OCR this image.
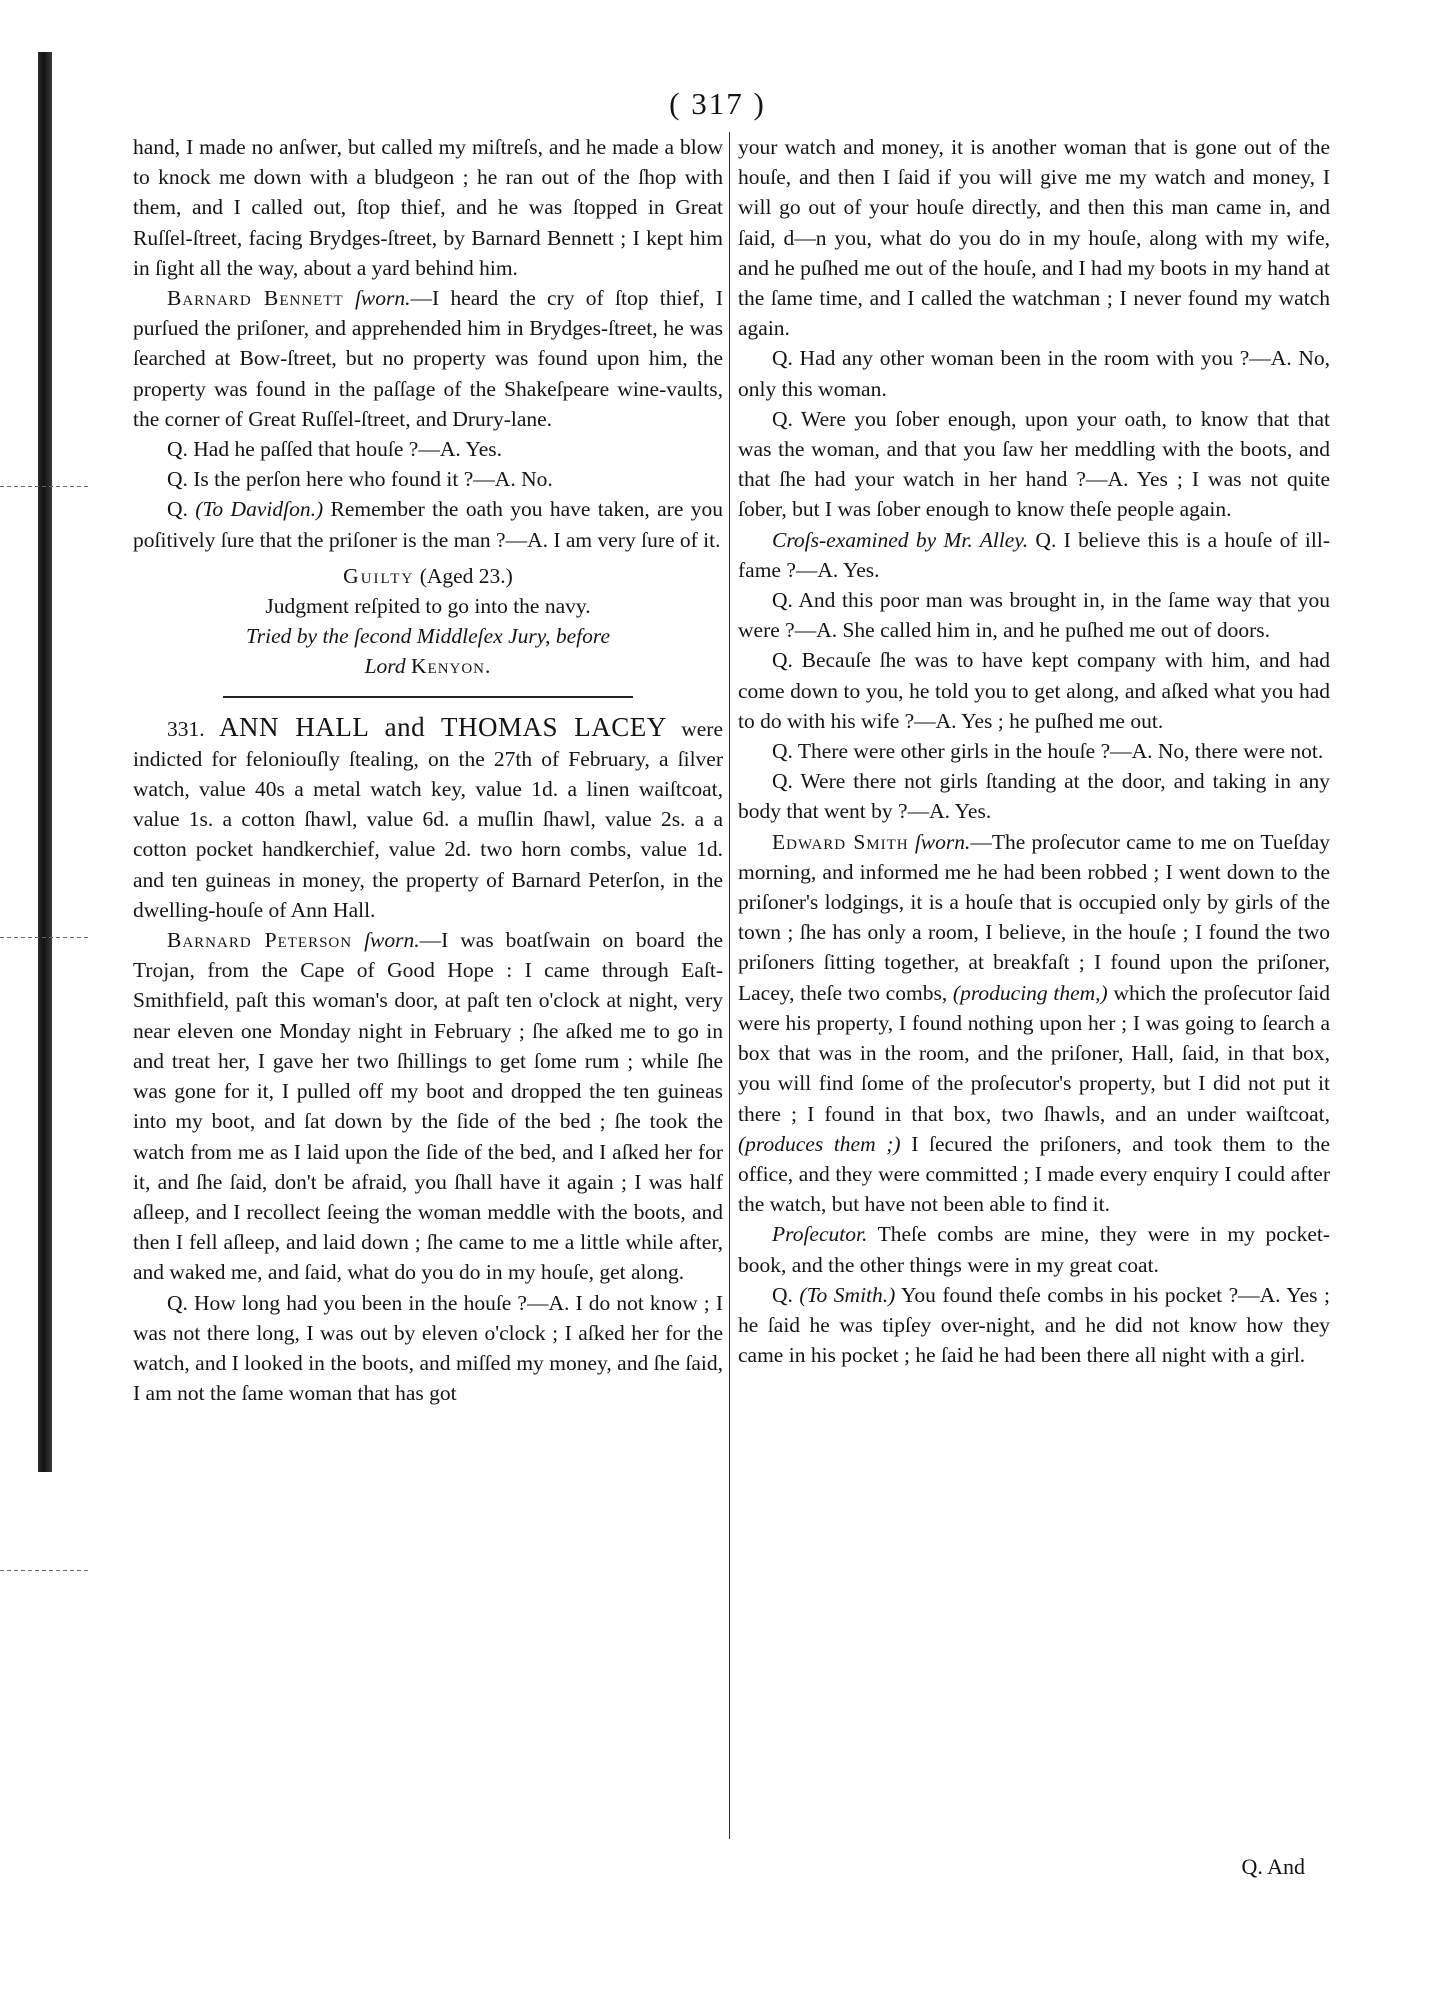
( 317 )

hand, I made no anſwer, but called my miſtreſs, and he made a blow to knock me down with a bludgeon ; he ran out of the ſhop with them, and I called out, ſtop thief, and he was ſtopped in Great Ruſſel-ſtreet, facing Brydges-ſtreet, by Barnard Bennett ; I kept him in ſight all the way, about a yard behind him.

Barnard Bennett ſworn.—I heard the cry of ſtop thief, I purſued the priſoner, and apprehended him in Brydges-ſtreet, he was ſearched at Bow-ſtreet, but no property was found upon him, the property was found in the paſſage of the Shakeſpeare wine-vaults, the corner of Great Ruſſel-ſtreet, and Drury-lane.

Q. Had he paſſed that houſe ?—A. Yes.

Q. Is the perſon here who found it ?—A. No.

Q. (To Davidſon.) Remember the oath you have taken, are you poſitively ſure that the priſoner is the man ?—A. I am very ſure of it.

Guilty (Aged 23.)

Judgment reſpited to go into the navy.

Tried by the ſecond Middleſex Jury, before

Lord Kenyon.

331. ANN HALL and THOMAS LACEY were indicted for feloniouſly ſtealing, on the 27th of February, a ſilver watch, value 40s a metal watch key, value 1d. a linen waiſtcoat, value 1s. a cotton ſhawl, value 6d. a muſlin ſhawl, value 2s. a a cotton pocket handkerchief, value 2d. two horn combs, value 1d. and ten guineas in money, the property of Barnard Peterſon, in the dwelling-houſe of Ann Hall.

Barnard Peterson ſworn.—I was boatſwain on board the Trojan, from the Cape of Good Hope : I came through Eaſt-Smithfield, paſt this woman's door, at paſt ten o'clock at night, very near eleven one Monday night in February ; ſhe aſked me to go in and treat her, I gave her two ſhillings to get ſome rum ; while ſhe was gone for it, I pulled off my boot and dropped the ten guineas into my boot, and ſat down by the ſide of the bed ; ſhe took the watch from me as I laid upon the ſide of the bed, and I aſked her for it, and ſhe ſaid, don't be afraid, you ſhall have it again ; I was half aſleep, and I recollect ſeeing the woman meddle with the boots, and then I fell aſleep, and laid down ; ſhe came to me a little while after, and waked me, and ſaid, what do you do in my houſe, get along.

Q. How long had you been in the houſe ?—A. I do not know ; I was not there long, I was out by eleven o'clock ; I aſked her for the watch, and I looked in the boots, and miſſed my money, and ſhe ſaid, I am not the ſame woman that has got

your watch and money, it is another woman that is gone out of the houſe, and then I ſaid if you will give me my watch and money, I will go out of your houſe directly, and then this man came in, and ſaid, d—n you, what do you do in my houſe, along with my wife, and he puſhed me out of the houſe, and I had my boots in my hand at the ſame time, and I called the watchman ; I never found my watch again.

Q. Had any other woman been in the room with you ?—A. No, only this woman.

Q. Were you ſober enough, upon your oath, to know that that was the woman, and that you ſaw her meddling with the boots, and that ſhe had your watch in her hand ?—A. Yes ; I was not quite ſober, but I was ſober enough to know theſe people again.

Croſs-examined by Mr. Alley. Q. I believe this is a houſe of ill-fame ?—A. Yes.

Q. And this poor man was brought in, in the ſame way that you were ?—A. She called him in, and he puſhed me out of doors.

Q. Becauſe ſhe was to have kept company with him, and had come down to you, he told you to get along, and aſked what you had to do with his wife ?—A. Yes ; he puſhed me out.

Q. There were other girls in the houſe ?—A. No, there were not.

Q. Were there not girls ſtanding at the door, and taking in any body that went by ?—A. Yes.

Edward Smith ſworn.—The proſecutor came to me on Tueſday morning, and informed me he had been robbed ; I went down to the priſoner's lodgings, it is a houſe that is occupied only by girls of the town ; ſhe has only a room, I believe, in the houſe ; I found the two priſoners ſitting together, at breakfaſt ; I found upon the priſoner, Lacey, theſe two combs, (producing them,) which the proſecutor ſaid were his property, I found nothing upon her ; I was going to ſearch a box that was in the room, and the priſoner, Hall, ſaid, in that box, you will find ſome of the proſecutor's property, but I did not put it there ; I found in that box, two ſhawls, and an under waiſtcoat, (produces them ;) I ſecured the priſoners, and took them to the office, and they were committed ; I made every enquiry I could after the watch, but have not been able to find it.

Proſecutor. Theſe combs are mine, they were in my pocket-book, and the other things were in my great coat.

Q. (To Smith.) You found theſe combs in his pocket ?—A. Yes ; he ſaid he was tipſey over-night, and he did not know how they came in his pocket ; he ſaid he had been there all night with a girl.

Q. And
